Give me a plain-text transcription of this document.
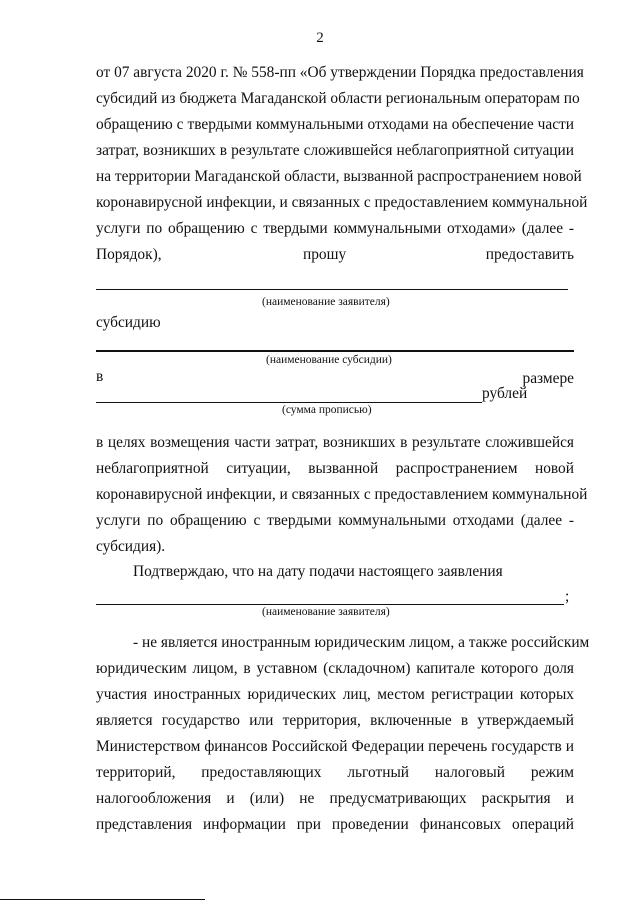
2
от 07 августа 2020 г. № 558-пп «Об утверждении Порядка предоставления
субсидий из бюджета Магаданской области региональным операторам по
обращению с твердыми коммунальными отходами на обеспечение части
затрат, возникших в результате сложившейся неблагоприятной ситуации
на территории Магаданской области, вызванной распространением новой
коронавирусной инфекции, и связанных с предоставлением коммунальной
услуги по обращению с твердыми коммунальными отходами» (далее -
Порядок),	прошу	предоставить
(наименование заявителя)
субсидию
(наименование субсидии)
в	размере
рублей
(сумма прописью)
в целях возмещения части затрат, возникших в результате сложившейся
неблагоприятной ситуации, вызванной распространением новой
коронавирусной инфекции, и связанных с предоставлением коммунальной
услуги по обращению с твердыми коммунальными отходами (далее -
субсидия).
Подтверждаю, что на дату подачи настоящего заявления
;
(наименование заявителя)
- не является иностранным юридическим лицом, а также российским
юридическим лицом, в уставном (складочном) капитале которого доля
участия иностранных юридических лиц, местом регистрации которых
является государство или территория, включенные в утверждаемый
Министерством финансов Российской Федерации перечень государств и
территорий, предоставляющих льготный налоговый режим
налогообложения и (или) не предусматривающих раскрытия и
представления информации при проведении финансовых операций
